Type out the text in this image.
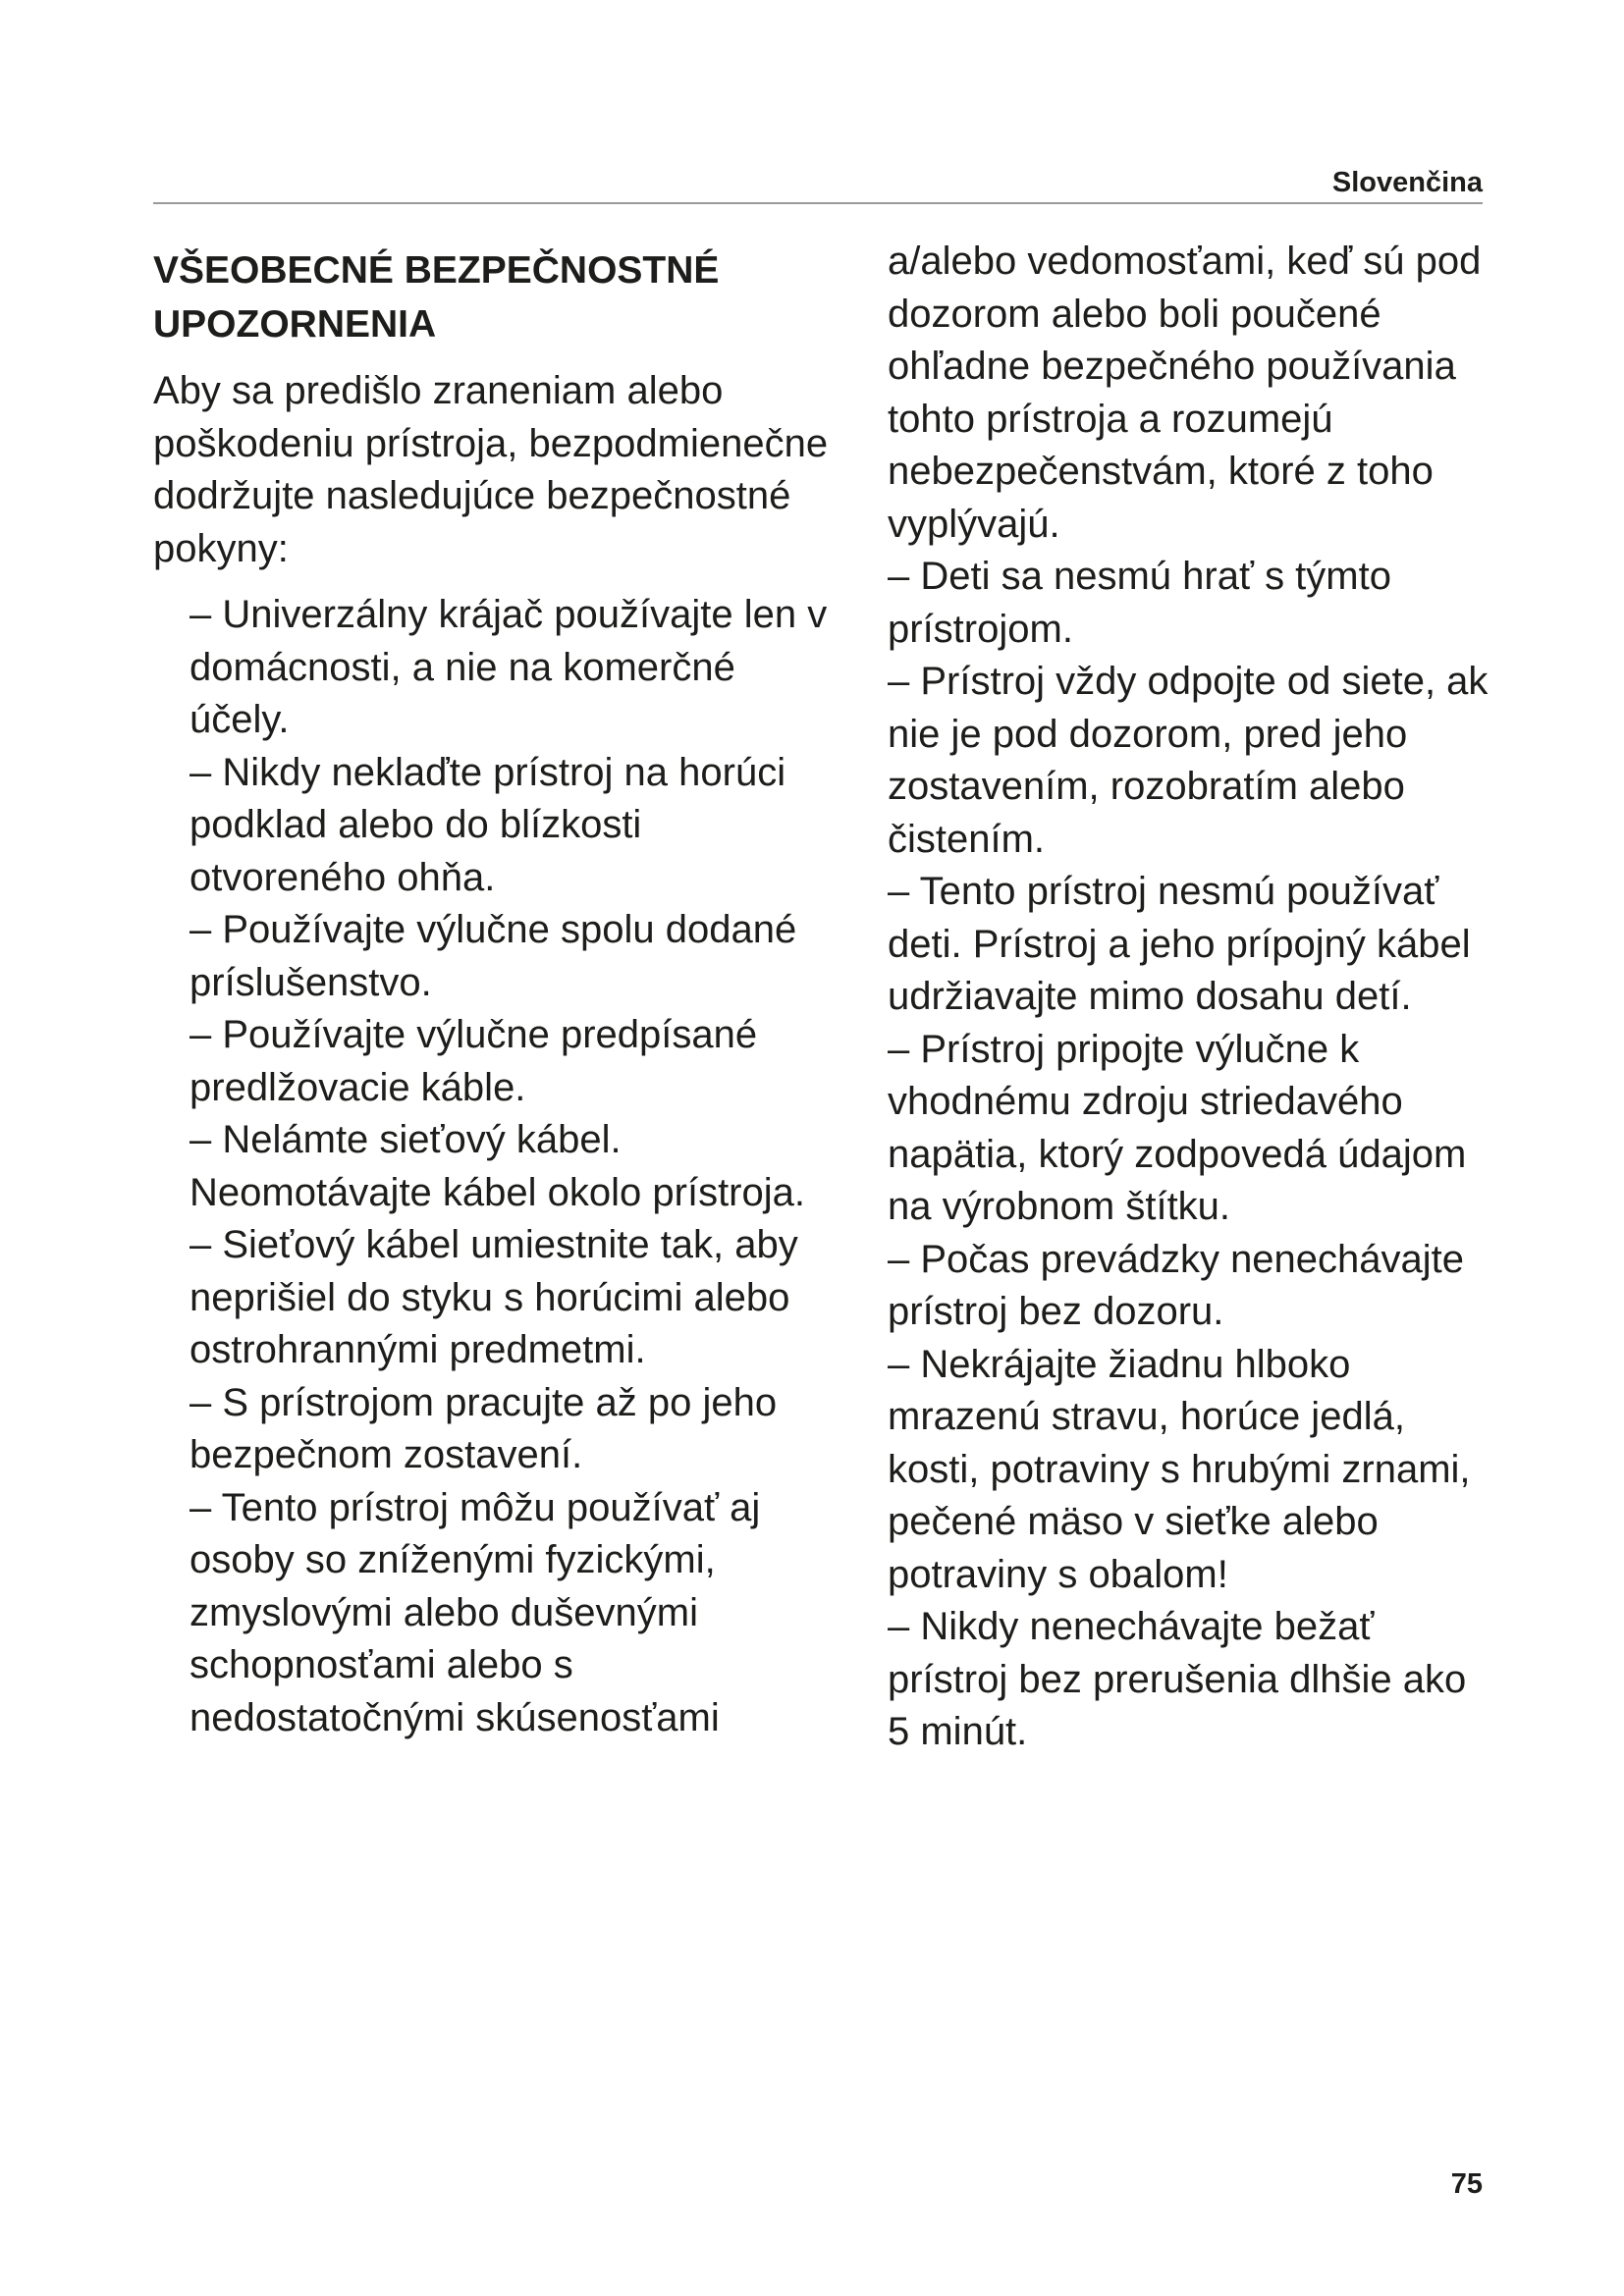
Slovenčina
VŠEOBECNÉ BEZPEČNOSTNÉ UPOZORNENIA

Aby sa predišlo zraneniam alebo poškodeniu prístroja, bezpodmienečne dodržujte nasledujúce bezpečnostné pokyny:

– Univerzálny krájač používajte len v domácnosti, a nie na komerčné účely.
– Nikdy neklaďte prístroj na horúci podklad alebo do blízkosti otvoreného ohňa.
– Používajte výlučne spolu dodané príslušenstvo.
– Používajte výlučne predpísané predlžovacie káble.
– Nelámte sieťový kábel. Neomotávajte kábel okolo prístroja.
– Sieťový kábel umiestnite tak, aby neprišiel do styku s horúcimi alebo ostrohrannými predmetmi.
– S prístrojom pracujte až po jeho bezpečnom zostavení.
– Tento prístroj môžu používať aj osoby so zníženými fyzickými, zmyslovými alebo duševnými schopnosťami alebo s nedostatočnými skúsenosťami

a/alebo vedomosťami, keď sú pod dozorom alebo boli poučené ohľadne bezpečného používania tohto prístroja a rozumejú nebezpečenstvám, ktoré z toho vyplývajú.

– Deti sa nesmú hrať s týmto prístrojom.
– Prístroj vždy odpojte od siete, ak nie je pod dozorom, pred jeho zostavením, rozobratím alebo čistením.
– Tento prístroj nesmú používať deti. Prístroj a jeho prípojný kábel udržiavajte mimo dosahu detí.
– Prístroj pripojte výlučne k vhodnému zdroju striedavého napätia, ktorý zodpovedá údajom na výrobnom štítku.
– Počas prevádzky nenechávajte prístroj bez dozoru.
– Nekrájajte žiadnu hlboko mrazenú stravu, horúce jedlá, kosti, potraviny s hrubými zrnami, pečené mäso v sieťke alebo potraviny s obalom!
– Nikdy nenechávajte bežať prístroj bez prerušenia dlhšie ako 5 minút.
75
